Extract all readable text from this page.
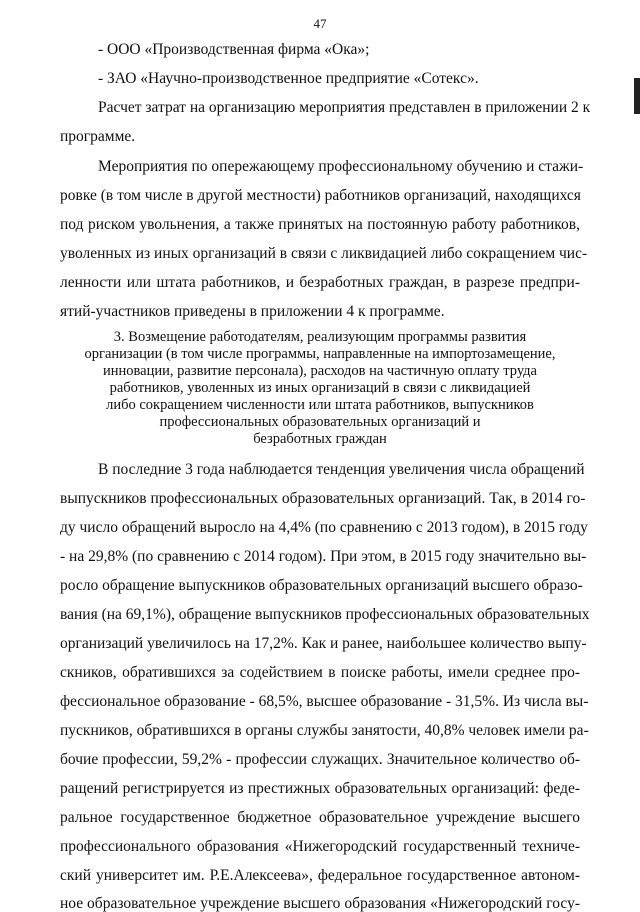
47
- ООО «Производственная фирма «Ока»;
- ЗАО «Научно-производственное предприятие «Сотекс».
Расчет затрат на организацию мероприятия представлен в приложении 2 к
программе.
Мероприятия по опережающему профессиональному обучению и стажи-
ровке (в том числе в другой местности) работников организаций, находящихся
под риском увольнения, а также принятых на постоянную работу работников,
уволенных из иных организаций в связи с ликвидацией либо сокращением чис-
ленности или штата работников, и безработных граждан, в разрезе предпри-
ятий-участников приведены в приложении 4 к программе.
3. Возмещение работодателям, реализующим программы развития
организации (в том числе программы, направленные на импортозамещение,
инновации, развитие персонала), расходов на частичную оплату труда
работников, уволенных из иных организаций в связи с ликвидацией
либо сокращением численности или штата работников, выпускников
профессиональных образовательных организаций и
безработных граждан
В последние 3 года наблюдается тенденция увеличения числа обращений
выпускников профессиональных образовательных организаций. Так, в 2014 го-
ду число обращений выросло на 4,4% (по сравнению с 2013 годом), в 2015 году
- на 29,8% (по сравнению с 2014 годом). При этом, в 2015 году значительно вы-
росло обращение выпускников образовательных организаций высшего образо-
вания (на 69,1%), обращение выпускников профессиональных образовательных
организаций увеличилось на 17,2%. Как и ранее, наибольшее количество выпу-
скников, обратившихся за содействием в поиске работы, имели среднее про-
фессиональное образование - 68,5%, высшее образование - 31,5%. Из числа вы-
пускников, обратившихся в органы службы занятости, 40,8% человек имели ра-
бочие профессии, 59,2% - профессии служащих. Значительное количество об-
ращений регистрируется из престижных образовательных организаций: феде-
ральное государственное бюджетное образовательное учреждение высшего
профессионального образования «Нижегородский государственный техниче-
ский университет им. Р.Е.Алексеева», федеральное государственное автоном-
ное образовательное учреждение высшего образования «Нижегородский госу-
